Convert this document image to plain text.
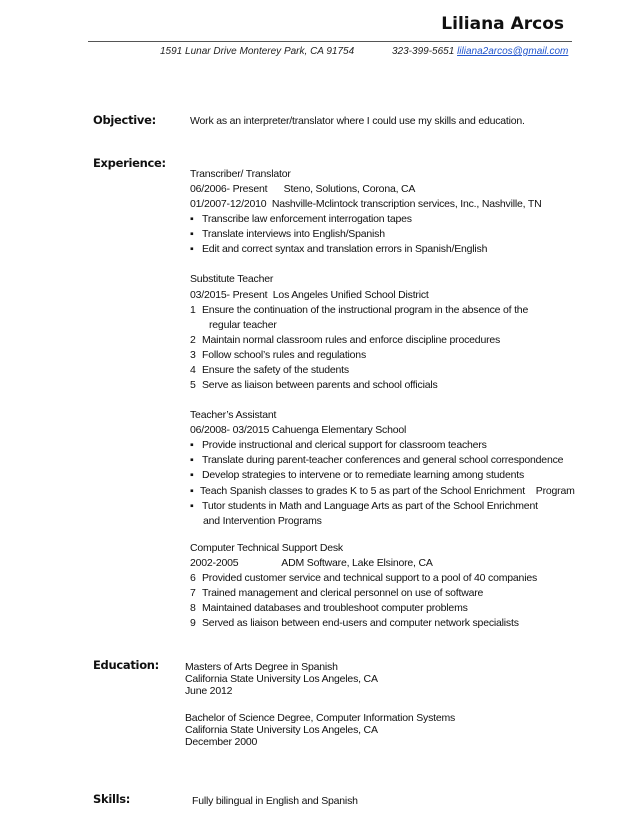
Liliana Arcos
1591 Lunar Drive Monterey Park, CA 91754	323-399-5651 liliana2arcos@gmail.com
Objective:	Work as an interpreter/translator where I could use my skills and education.
Experience:
Transcriber/ Translator
06/2006- Present      Steno, Solutions, Corona, CA
01/2007-12/2010  Nashville-Mclintock transcription services, Inc., Nashville, TN
▪ Transcribe law enforcement interrogation tapes
▪ Translate interviews into English/Spanish
▪ Edit and correct syntax and translation errors in Spanish/English
Substitute Teacher
03/2015- Present  Los Angeles Unified School District
1 Ensure the continuation of the instructional program in the absence of the
regular teacher
2 Maintain normal classroom rules and enforce discipline procedures
3 Follow school’s rules and regulations
4 Ensure the safety of the students
5 Serve as liaison between parents and school officials
Teacher’s Assistant
06/2008- 03/2015 Cahuenga Elementary School
▪ Provide instructional and clerical support for classroom teachers
▪ Translate during parent-teacher conferences and general school correspondence
▪ Develop strategies to intervene or to remediate learning among students
▪ Teach Spanish classes to grades K to 5 as part of the School Enrichment    Program
▪ Tutor students in Math and Language Arts as part of the School Enrichment
and Intervention Programs
Computer Technical Support Desk
2002-2005                ADM Software, Lake Elsinore, CA
6 Provided customer service and technical support to a pool of 40 companies
7 Trained management and clerical personnel on use of software
8 Maintained databases and troubleshoot computer problems
9 Served as liaison between end-users and computer network specialists
Education: Masters of Arts Degree in Spanish
California State University Los Angeles, CA
June 2012
Bachelor of Science Degree, Computer Information Systems
California State University Los Angeles, CA
December 2000
Skills:	Fully bilingual in English and Spanish
